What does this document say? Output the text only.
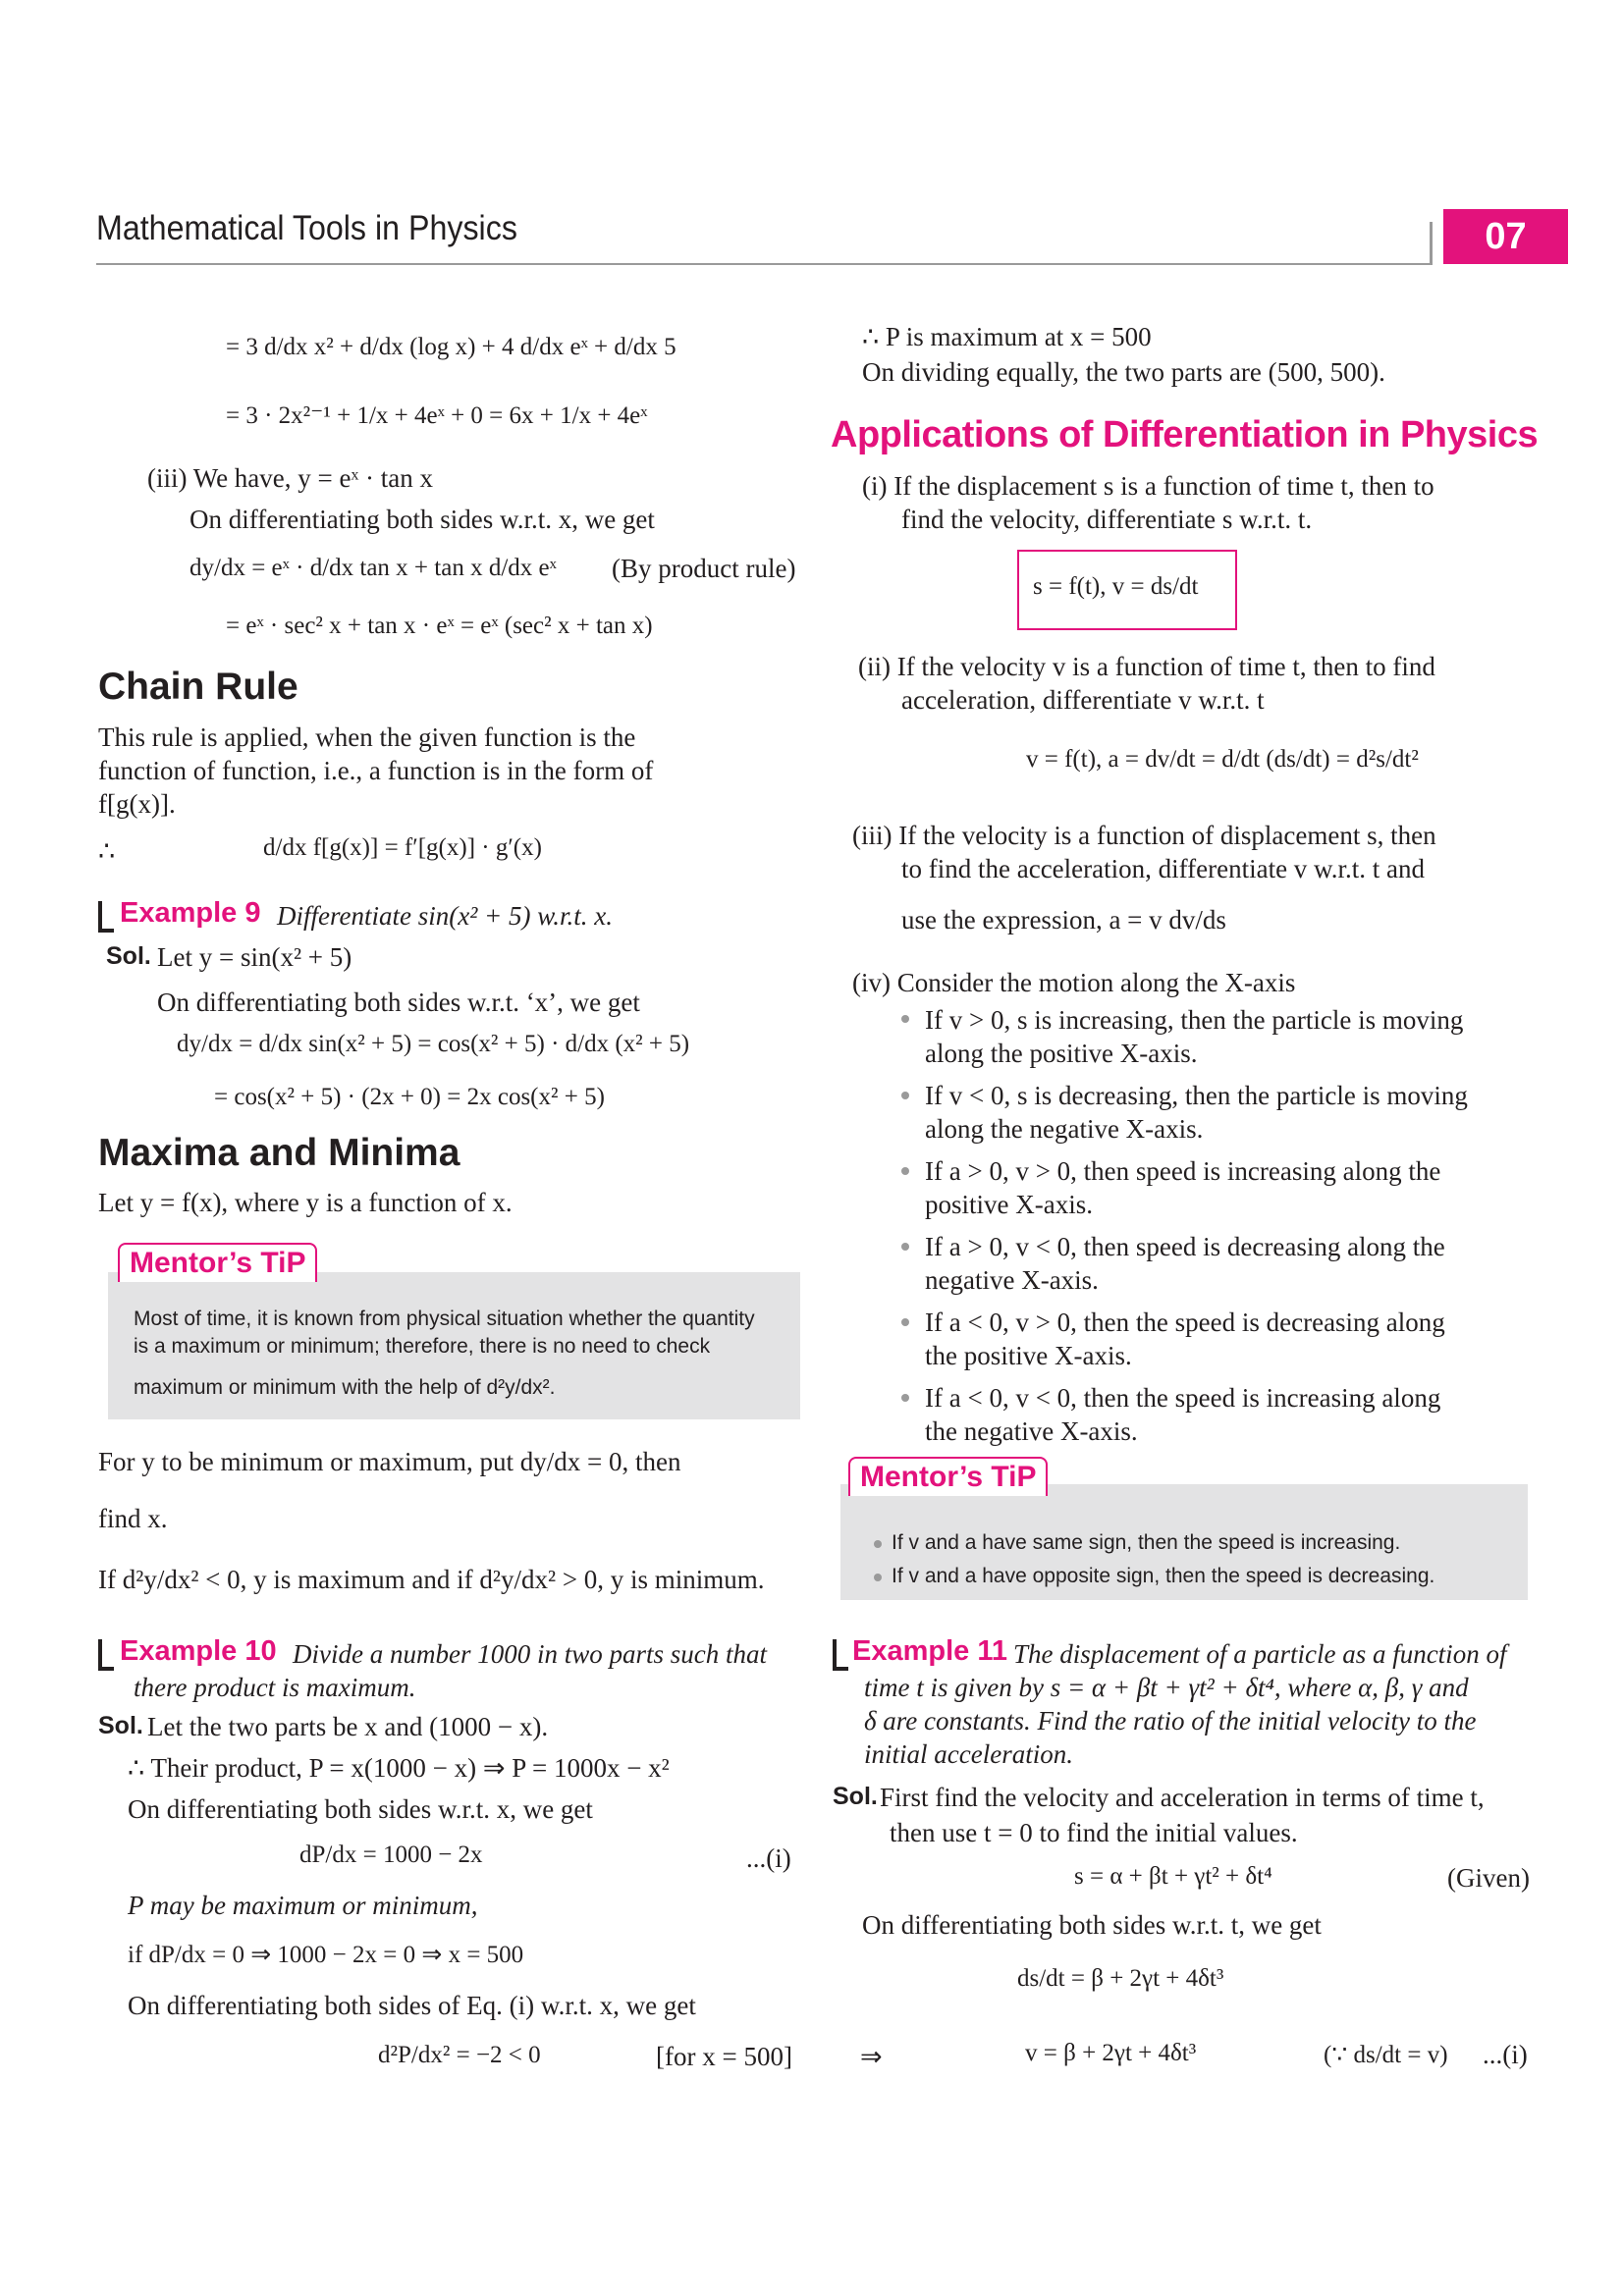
Mathematical Tools in Physics	07
= 3 d/dx x² + d/dx (log x) + 4 d/dx eˣ + d/dx 5
= 3 · 2x²⁻¹ + 1/x + 4eˣ + 0 = 6x + 1/x + 4eˣ
(iii) We have, y = eˣ · tan x
On differentiating both sides w.r.t. x, we get
dy/dx = eˣ · d/dx tan x + tan x d/dx eˣ (By product rule)
= eˣ · sec² x + tan x · eˣ = eˣ (sec² x + tan x)
Chain Rule
This rule is applied, when the given function is the
function of function, i.e., a function is in the form of
f[g(x)].
∴	d/dx f[g(x)] = f′[g(x)] · g′(x)
Example 9 Differentiate sin(x² + 5) w.r.t. x.
Sol. Let y = sin(x² + 5)
On differentiating both sides w.r.t. ‘x’, we get
dy/dx = d/dx sin(x² + 5) = cos(x² + 5) · d/dx (x² + 5)
= cos(x² + 5) · (2x + 0) = 2x cos(x² + 5)
Maxima and Minima
Let y = f(x), where y is a function of x.
Mentor’s TiP
Most of time, it is known from physical situation whether the quantity
is a maximum or minimum; therefore, there is no need to check
maximum or minimum with the help of d²y/dx².
For y to be minimum or maximum, put dy/dx = 0, then
find x.
If d²y/dx² < 0, y is maximum and if d²y/dx² > 0, y is minimum.
Example 10 Divide a number 1000 in two parts such that
there product is maximum.
Sol. Let the two parts be x and (1000 − x).
∴ Their product, P = x(1000 − x) ⇒ P = 1000x − x²
On differentiating both sides w.r.t. x, we get
dP/dx = 1000 − 2x	...(i)
P may be maximum or minimum,
if dP/dx = 0 ⇒ 1000 − 2x = 0 ⇒ x = 500
On differentiating both sides of Eq. (i) w.r.t. x, we get
d²P/dx² = −2 < 0	[for x = 500]
∴ P is maximum at x = 500
On dividing equally, the two parts are (500, 500).
Applications of Differentiation in Physics
(i) If the displacement s is a function of time t, then to
find the velocity, differentiate s w.r.t. t.
s = f(t), v = ds/dt
(ii) If the velocity v is a function of time t, then to find
acceleration, differentiate v w.r.t. t
v = f(t), a = dv/dt = d/dt (ds/dt) = d²s/dt²
(iii) If the velocity is a function of displacement s, then
to find the acceleration, differentiate v w.r.t. t and
use the expression, a = v dv/ds
(iv) Consider the motion along the X-axis
If v > 0, s is increasing, then the particle is moving
along the positive X-axis.
If v < 0, s is decreasing, then the particle is moving
along the negative X-axis.
If a > 0, v > 0, then speed is increasing along the
positive X-axis.
If a > 0, v < 0, then speed is decreasing along the
negative X-axis.
If a < 0, v > 0, then the speed is decreasing along
the positive X-axis.
If a < 0, v < 0, then the speed is increasing along
the negative X-axis.
Mentor’s TiP
If v and a have same sign, then the speed is increasing.
If v and a have opposite sign, then the speed is decreasing.
Example 11 The displacement of a particle as a function of
time t is given by s = α + βt + γt² + δt⁴, where α, β, γ and
δ are constants. Find the ratio of the initial velocity to the
initial acceleration.
Sol. First find the velocity and acceleration in terms of time t,
then use t = 0 to find the initial values.
s = α + βt + γt² + δt⁴	(Given)
On differentiating both sides w.r.t. t, we get
ds/dt = β + 2γt + 4δt³
⇒	v = β + 2γt + 4δt³	(∵ ds/dt = v) ...(i)
